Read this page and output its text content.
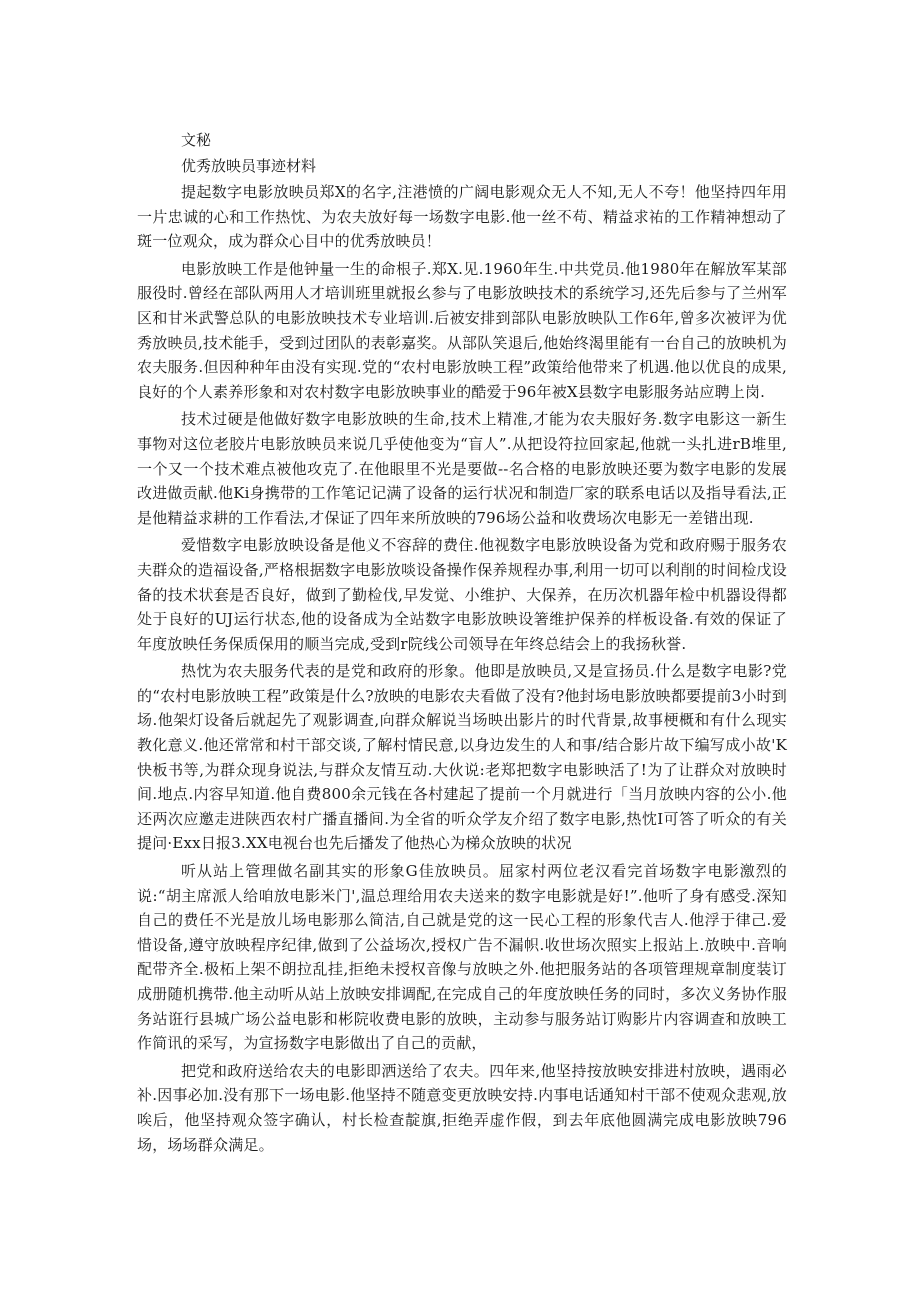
文秘
优秀放映员事迹材料

提起数字电影放映员郑X的名字,注港愤的广阔电影观众无人不知,无人不夸！他坚持四年用一片忠诚的心和工作热忱、为农夫放好每一场数字电影.他一丝不苟、精益求祐的工作精神想动了斑一位观众，成为群众心目中的优秀放映员！

电影放映工作是他钟量一生的命根子.郑X.见.1960年生.中共党员.他1980年在解放军某部服役时.曾经在部队两用人才培训班里就报幺参与了电影放映技术的系统学习,还先后参与了兰州军区和甘米武警总队的电影放映技术专业培训.后被安排到部队电影放映队工作6年,曾多次被评为优秀放映员,技术能手，受到过团队的表彰嘉奖。从部队笑退后,他始终渴里能有一台自己的放映机为农夫服务.但因种种年由没有实现.党的“农村电影放映工程”政策给他带来了机遇.他以优良的成果,良好的个人素养形象和对农村数字电影放映事业的酷爱于96年被X县数字电影服务站应聘上岗.

技术过硬是他做好数字电影放映的生命,技术上精准,才能为农夫服好务.数字电影这一新生事物对这位老胶片电影放映员来说几乎使他变为“盲人”.从把设符拉回家起,他就一头扎进rB堆里,一个又一个技术难点被他攻克了.在他眼里不光是要做--名合格的电影放映还要为数字电影的发展改进做贡献.他Ki身携带的工作笔记记满了设备的运行状况和制造厂家的联系电话以及指导看法,正是他精益求耕的工作看法,才保证了四年来所放映的796场公益和收费场次电影无一差错出现.

爱惜数字电影放映设备是他义不容辞的费住.他视数字电影放映设备为党和政府赐于服务农夫群众的造福设备,严格根据数字电影放啖设备操作保养规程办事,利用一切可以利削的时间检戊设备的技术状套是否良好，做到了勤检伐,早发觉、小维护、大保养，在历次机器年检中机器设得都处于良好的UJ运行状态,他的设备成为全站数字电影放映设箸维护保养的样板设备.有效的保证了年度放映任务保质保用的顺当完成,受到r院线公司领导在年终总结会上的我扬秋誉.

热忱为农夫服务代表的是党和政府的形象。他即是放映员,又是宣扬员.什么是数字电影?党的“农村电影放映工程”政策是什么?放映的电影农夫看做了没有?他封场电影放映都要提前3小时到场.他架灯设备后就起先了观影调查,向群众解说当场映出影片的时代背景,故事梗概和有什么现实教化意义.他还常常和村干部交谈,了解村情民意,以身边发生的人和事/结合影片故下编写成小故'K快板书等,为群众现身说法,与群众友情互动.大伙说:老郑把数字电影映活了!为了让群众对放映时间.地点.内容早知道.他自费800余元钱在各村建起了提前一个月就进行「当月放映内容的公小.他还两次应邀走进陕西农村广播直播间.为全省的听众学友介绍了数字电影,热忱I可答了听众的有关提问·Exx日报3.XX电视台也先后播发了他热心为梯众放映的状况

听从站上管理做名副其实的形象G佳放映员。屈家村两位老汉看完首场数字电影激烈的说:“胡主席派人给咱放电影米门',温总理给用农夫送来的数字电影就是好!”.他听了身有感受.深知自己的费任不光是放儿场电影那么简洁,自己就是党的这一民心工程的形象代吉人.他浮于律己.爱惜设备,遵守放映程序纪律,做到了公益场次,授权广告不漏帜.收世场次照实上报站上.放映中.音响配带齐全.极柘上架不朗拉乱挂,拒绝未授权音像与放映之外.他把服务站的各项管理规章制度装订成册随机携带.他主动听从站上放映安排调配,在完成自己的年度放映任务的同时，多次义务协作服务站诳行县城广场公益电影和彬院收费电影的放映，主动参与服务站订购影片内容调查和放映工作简讯的采写，为宣扬数字电影做出了自己的贡献，

把党和政府送给农夫的电影即洒送给了农夫。四年来,他坚持按放映安排进村放映，遇雨必补.因事必加.没有那下一场电影.他坚持不随意变更放映安持.内事电话通知村干部不使观众悲观,放唉后，他坚持观众签字确认，村长检查靛旗,拒绝弄虚作假，到去年底他圆满完成电影放映796场，场场群众满足。
